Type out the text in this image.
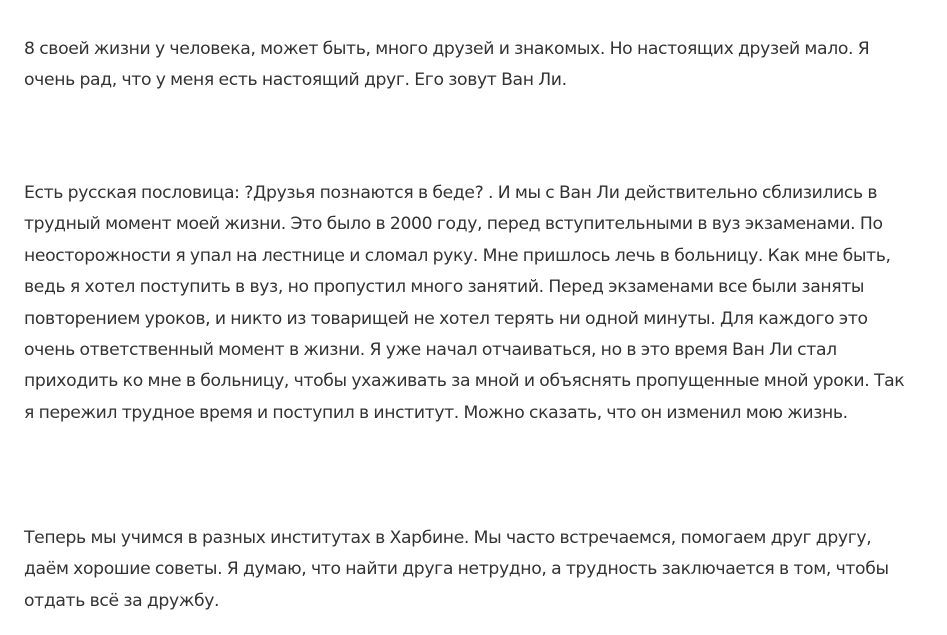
8 своей жизни у человека, может быть, много друзей и знакомых. Но настоящих друзей мало. Я
очень рад, что у меня есть настоящий друг. Его зовут Ван Ли.

Есть русская пословица: ?Друзья познаются в беде? . И мы с Ван Ли действительно сблизились в
трудный момент моей жизни. Это было в 2000 году, перед вступительными в вуз экзаменами. По
неосторожности я упал на лестнице и сломал руку. Мне пришлось лечь в больницу. Как мне быть,
ведь я хотел поступить в вуз, но пропустил много занятий. Перед экзаменами все были заняты
повторением уроков, и никто из товарищей не хотел терять ни одной минуты. Для каждого это
очень ответственный момент в жизни. Я уже начал отчаиваться, но в это время Ван Ли стал
приходить ко мне в больницу, чтобы ухаживать за мной и объяснять пропущенные мной уроки. Так
я пережил трудное время и поступил в институт. Можно сказать, что он изменил мою жизнь.

Теперь мы учимся в разных институтах в Харбине. Мы часто встречаемся, помогаем друг другу,
даём хорошие советы. Я думаю, что найти друга нетрудно, а трудность заключается в том, чтобы
отдать всё за дружбу.
